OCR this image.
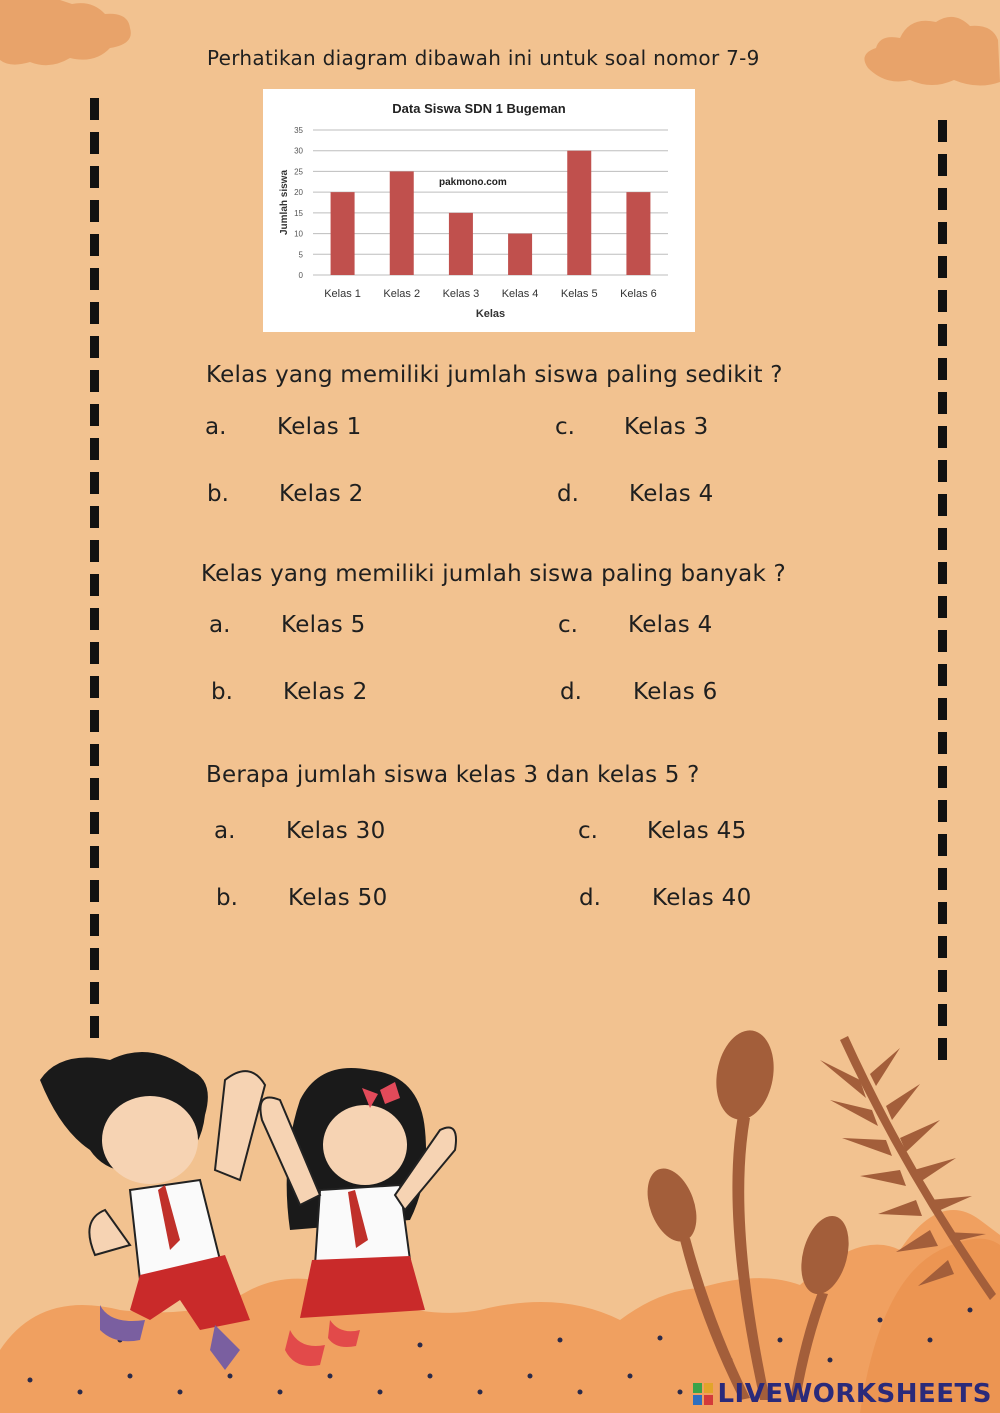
Perhatikan diagram dibawah ini untuk soal nomor 7-9
Data Siswa SDN 1 Bugeman
0
5
10
15
20
25
30
35
Kelas 1 Kelas 2 Kelas 3 Kelas 4 Kelas 5 Kelas 6
Kelas
Jumlah siswa	pakmono.com
Kelas yang memiliki jumlah siswa paling sedikit ?
a. Kelas 1
b. Kelas 2
c. Kelas 3
d. Kelas 4
Kelas yang memiliki jumlah siswa paling banyak ?
a. Kelas 5
b. Kelas 2
c. Kelas 4
d. Kelas 6
Berapa jumlah siswa kelas 3 dan kelas 5 ?
a. Kelas 30
b. Kelas 50
c. Kelas 45
d. Kelas 40
LIVEWORKSHEETS
